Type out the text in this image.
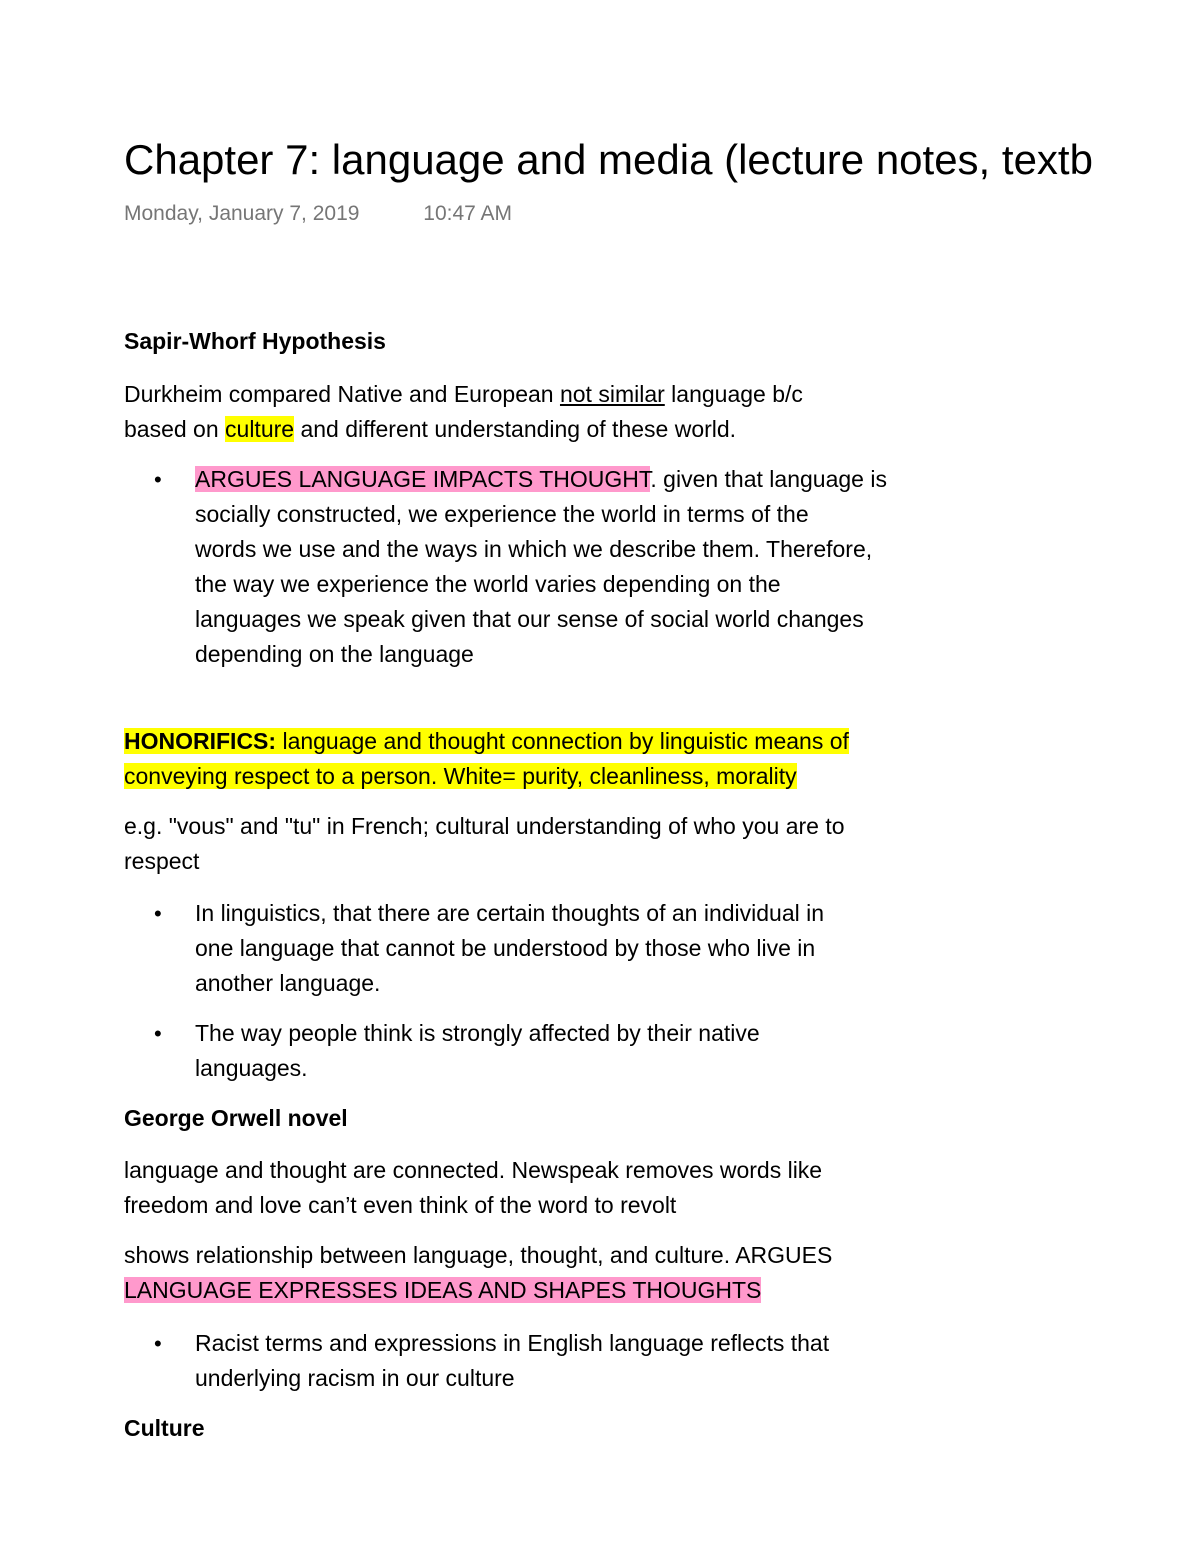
Chapter 7: language and media (lecture notes, textb
Monday, January 7, 2019	10:47 AM
Sapir-Whorf Hypothesis
Durkheim compared Native and European not similar language b/c
based on culture and different understanding of these world.
• ARGUES LANGUAGE IMPACTS THOUGHT. given that language is
socially constructed, we experience the world in terms of the
words we use and the ways in which we describe them. Therefore,
the way we experience the world varies depending on the
languages we speak given that our sense of social world changes
depending on the language
HONORIFICS: language and thought connection by linguistic means of
conveying respect to a person. White= purity, cleanliness, morality
e.g. "vous" and "tu" in French; cultural understanding of who you are to
respect
• In linguistics, that there are certain thoughts of an individual in
one language that cannot be understood by those who live in
another language.
• The way people think is strongly affected by their native
languages.
George Orwell novel
language and thought are connected. Newspeak removes words like
freedom and love can’t even think of the word to revolt
shows relationship between language, thought, and culture. ARGUES
LANGUAGE EXPRESSES IDEAS AND SHAPES THOUGHTS
• Racist terms and expressions in English language reflects that
underlying racism in our culture
Culture
